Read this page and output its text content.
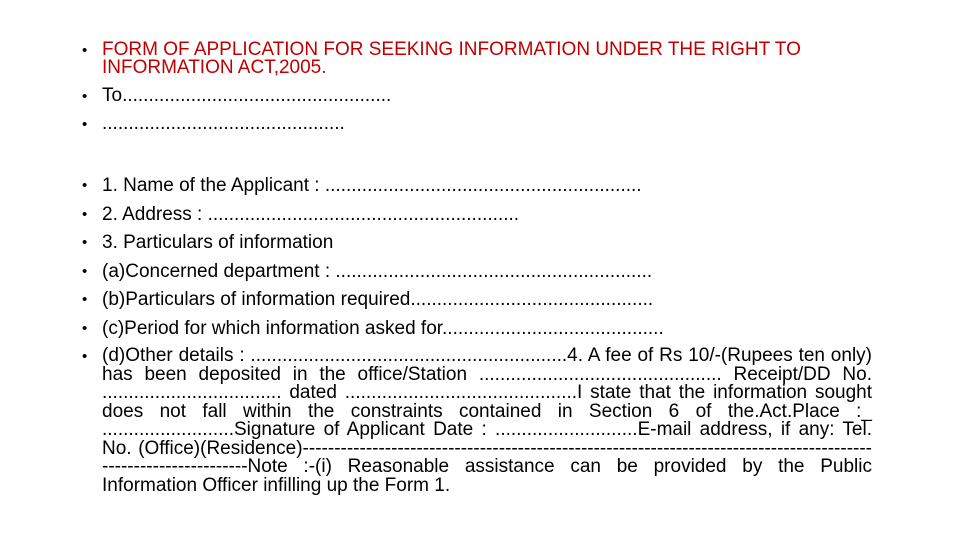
• FORM OF APPLICATION FOR SEEKING INFORMATION UNDER THE RIGHT TO INFORMATION ACT,2005.
• To...................................................
• ..............................................
• 1. Name of the Applicant : ............................................................
• 2. Address : ...........................................................
• 3. Particulars of information
• (a)Concerned department : ............................................................
• (b)Particulars of information required..............................................
• (c)Period for which information asked for..........................................
• (d)Other details : ............................................................4. A fee of Rs 10/-(Rupees ten only) has been deposited in the office/Station .............................................. Receipt/DD No. .................................. dated ............................................I state that the information sought does not fall within the constraints contained in Section 6 of the.Act.Place :_ .........................Signature of Applicant Date : ...........................E-mail address, if any: Tel. No. (Office)(Residence)-----------------------------------------------------------------------------------------------------------------Note :-(i) Reasonable assistance can be provided by the Public Information Officer infilling up the Form 1.
